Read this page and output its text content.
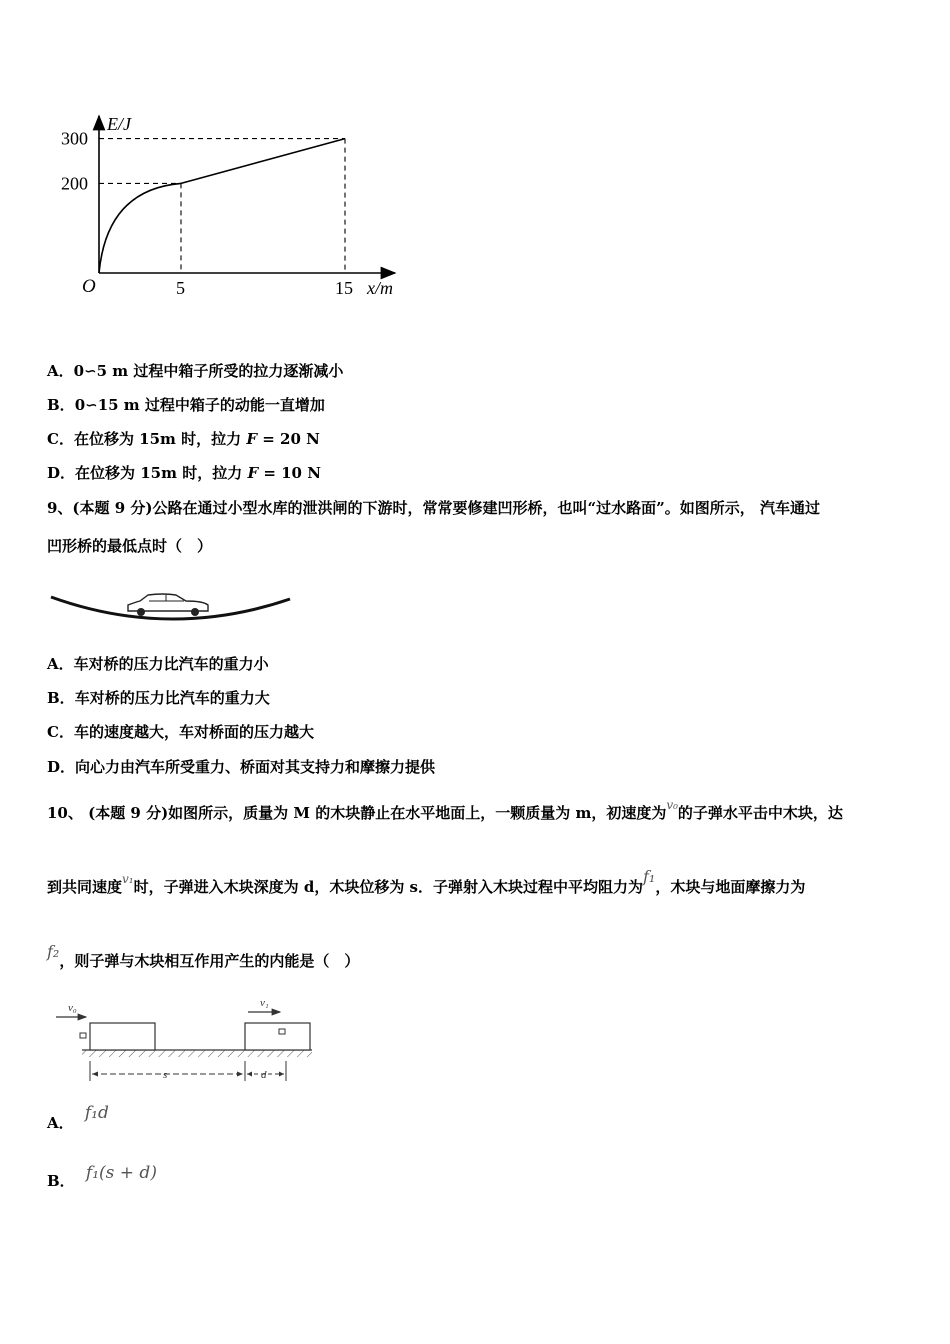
5	15
200
300
E/J
x/m
O
A．0∽5 m 过程中箱子所受的拉力逐渐减小
B．0∽15 m 过程中箱子的动能一直增加
C．在位移为 15m 时，拉力 F = 20 N
D．在位移为 15m 时，拉力 F = 10 N
9、(本题 9 分)公路在通过小型水库的泄洪闸的下游时，常常要修建凹形桥，也叫“过水路面”。如图所示， 汽车通过
凹形桥的最低点时（　）
A．车对桥的压力比汽车的重力小
B．车对桥的压力比汽车的重力大
C．车的速度越大，车对桥面的压力越大
D．向心力由汽车所受重力、桥面对其支持力和摩擦力提供
10、 (本题 9 分)如图所示，质量为 M 的木块静止在水平地面上，一颗质量为 m，初速度为$^{v_0}$的子弹水平击中木块，达
到共同速度$^{v_1}$时，子弹进入木块深度为 d，木块位移为 s．子弹射入木块过程中平均阻力为f₁，木块与地面摩擦力为
f₂，则子弹与木块相互作用产生的内能是（　）
v₀	v₁
s	d
A． f₁d
B． f₁(s + d)
